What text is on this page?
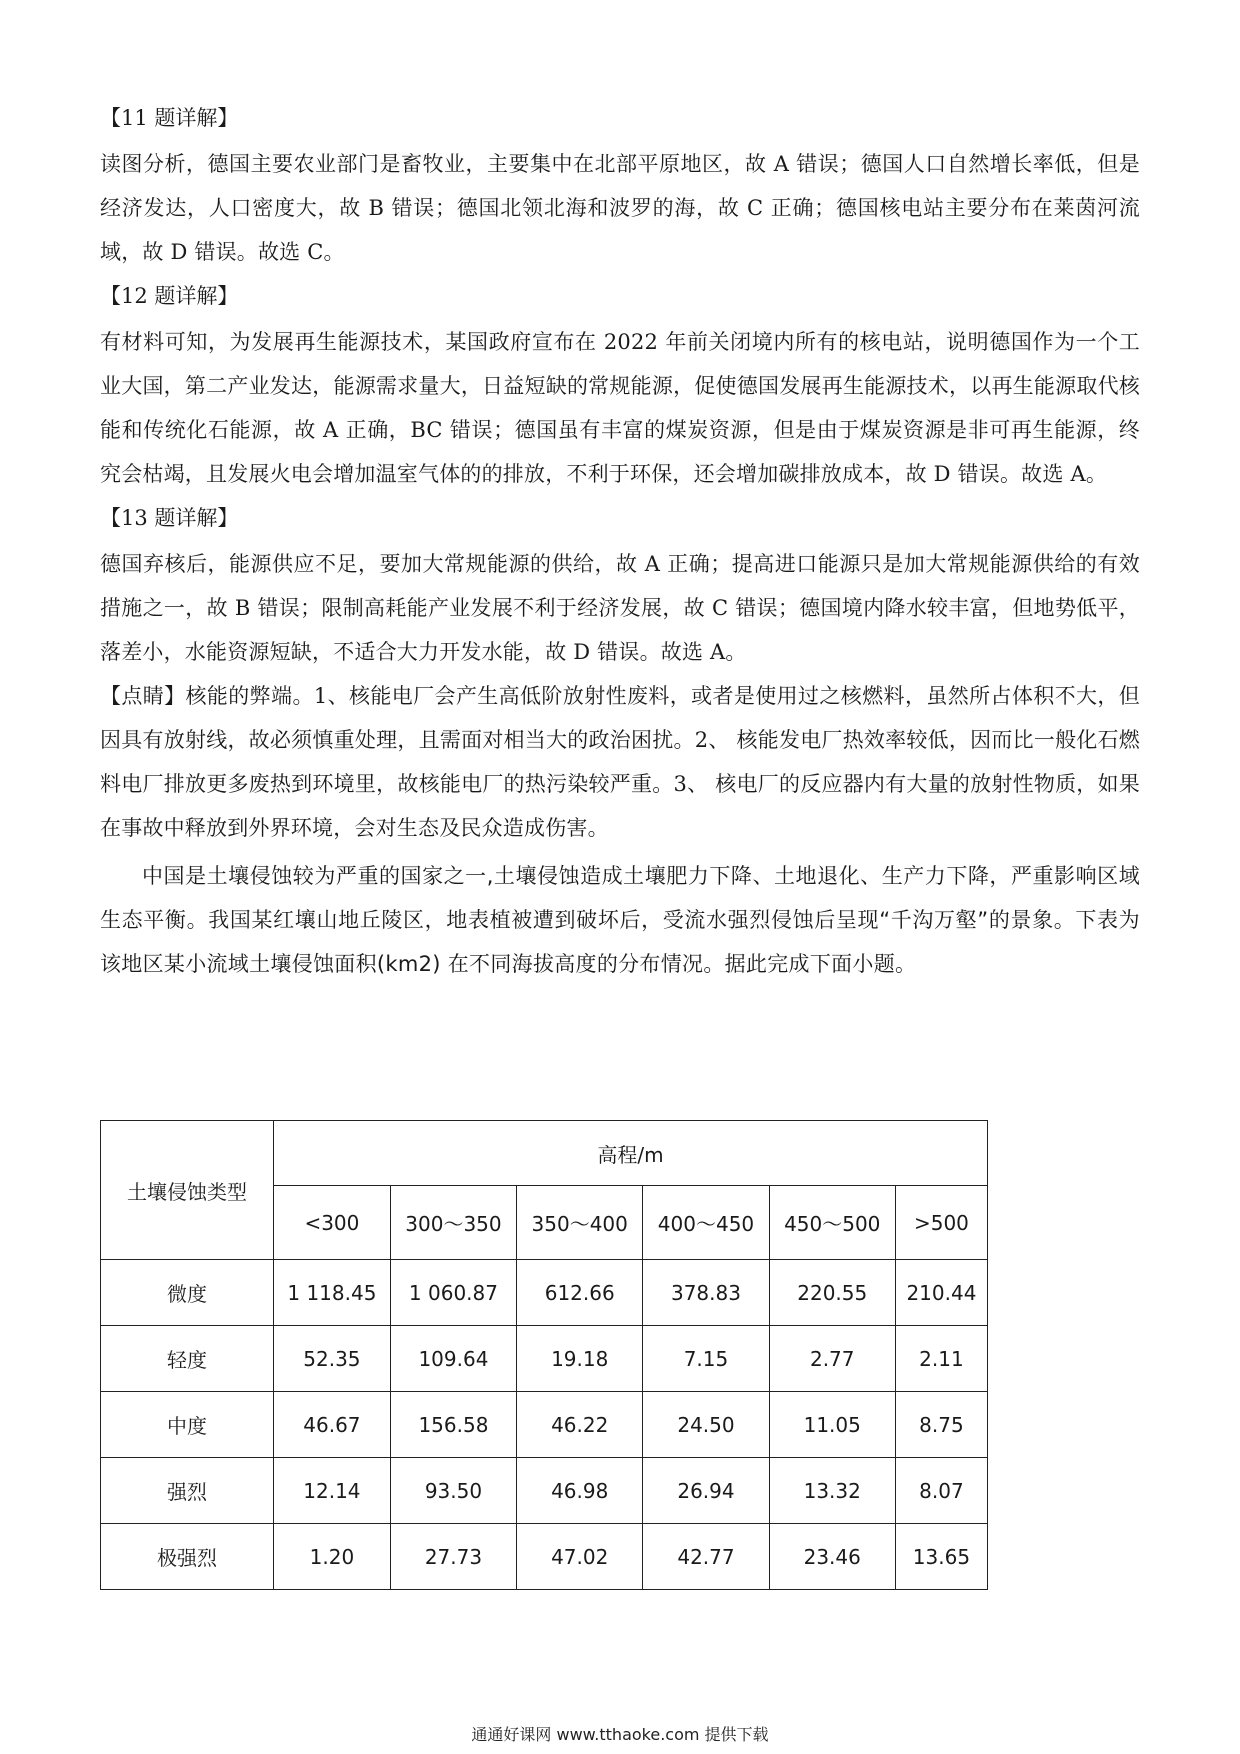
【11 题详解】

读图分析，德国主要农业部门是畜牧业，主要集中在北部平原地区，故 A 错误；德国人口自然增长率低，但是经济发达，人口密度大，故 B 错误；德国北领北海和波罗的海，故 C 正确；德国核电站主要分布在莱茵河流域，故 D 错误。故选 C。

【12 题详解】

有材料可知，为发展再生能源技术，某国政府宣布在 2022 年前关闭境内所有的核电站，说明德国作为一个工业大国，第二产业发达，能源需求量大，日益短缺的常规能源，促使德国发展再生能源技术，以再生能源取代核能和传统化石能源，故 A 正确，BC 错误；德国虽有丰富的煤炭资源，但是由于煤炭资源是非可再生能源，终究会枯竭，且发展火电会增加温室气体的的排放，不利于环保，还会增加碳排放成本，故 D 错误。故选 A。

【13 题详解】

德国弃核后，能源供应不足，要加大常规能源的供给，故 A 正确；提高进口能源只是加大常规能源供给的有效措施之一，故 B 错误；限制高耗能产业发展不利于经济发展，故 C 错误；德国境内降水较丰富，但地势低平，落差小，水能资源短缺，不适合大力开发水能，故 D 错误。故选 A。

【点睛】核能的弊端。1、核能电厂会产生高低阶放射性废料，或者是使用过之核燃料，虽然所占体积不大，但因具有放射线，故必须慎重处理，且需面对相当大的政治困扰。2、 核能发电厂热效率较低，因而比一般化石燃料电厂排放更多废热到环境里，故核能电厂的热污染较严重。3、 核电厂的反应器内有大量的放射性物质，如果在事故中释放到外界环境，会对生态及民众造成伤害。

中国是土壤侵蚀较为严重的国家之一,土壤侵蚀造成土壤肥力下降、土地退化、生产力下降，严重影响区域生态平衡。我国某红壤山地丘陵区，地表植被遭到破坏后，受流水强烈侵蚀后呈现“千沟万壑”的景象。下表为该地区某小流域土壤侵蚀面积(km2) 在不同海拔高度的分布情况。据此完成下面小题。

土壤侵蚀类型	高程/m					
	<300	300～350	350～400	400～450	450～500	>500
微度	1 118.45	1 060.87	612.66	378.83	220.55	210.44
轻度	52.35	109.64	19.18	7.15	2.77	2.11
中度	46.67	156.58	46.22	24.50	11.05	8.75
强烈	12.14	93.50	46.98	26.94	13.32	8.07
极强烈	1.20	27.73	47.02	42.77	23.46	13.65
通通好课网 www.tthaoke.com 提供下载
